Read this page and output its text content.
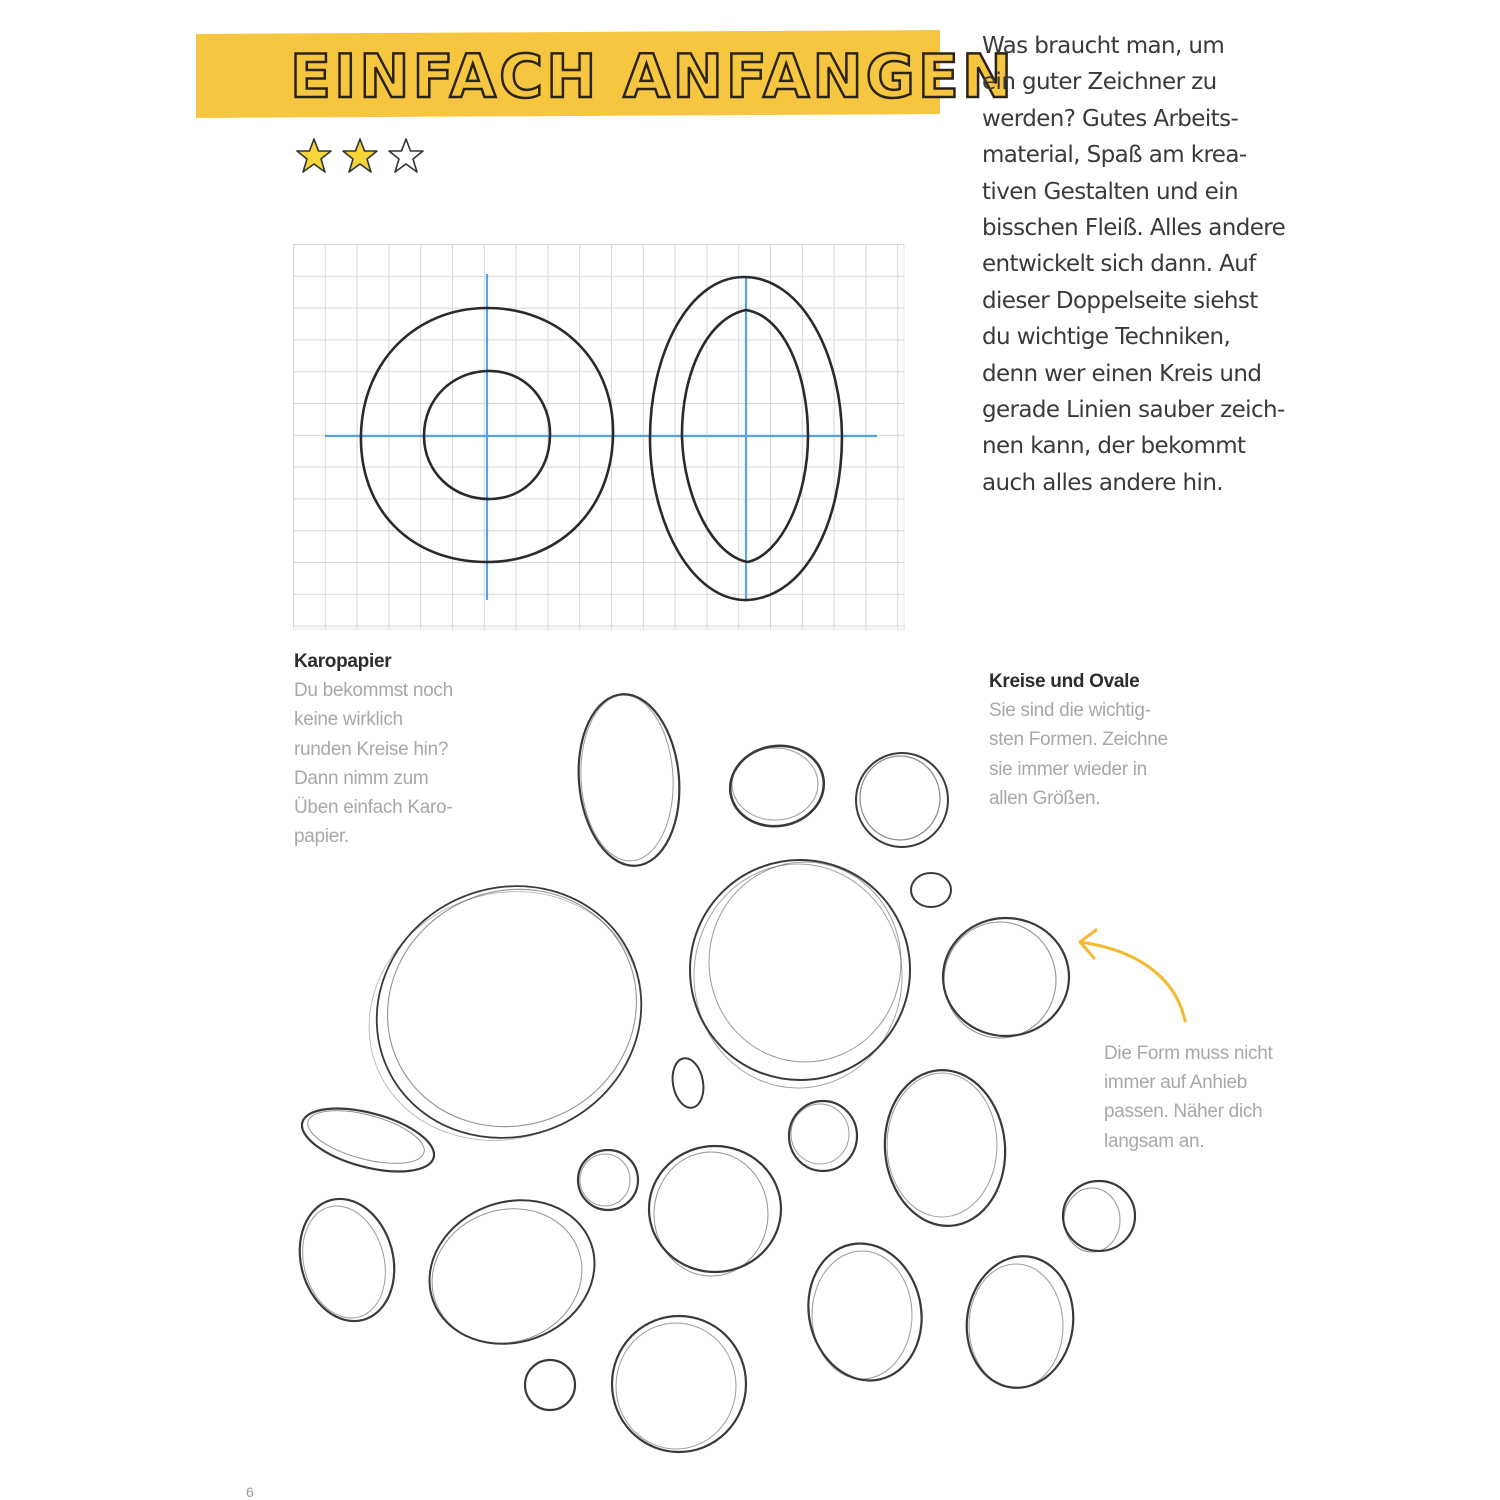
EINFACH ANFANGEN
Was braucht man, um
ein guter Zeichner zu
werden? Gutes Arbeits-
material, Spaß am krea-
tiven Gestalten und ein
bisschen Fleiß. Alles andere
entwickelt sich dann. Auf
dieser Doppelseite siehst
du wichtige Techniken,
denn wer einen Kreis und
gerade Linien sauber zeich-
nen kann, der bekommt
auch alles andere hin.
Karopapier
Du bekommst noch
keine wirklich
runden Kreise hin?
Dann nimm zum
Üben einfach Karo-
papier.
Kreise und Ovale
Sie sind die wichtig-
sten Formen. Zeichne
sie immer wieder in
allen Größen.
Die Form muss nicht
immer auf Anhieb
passen. Näher dich
langsam an.
6
